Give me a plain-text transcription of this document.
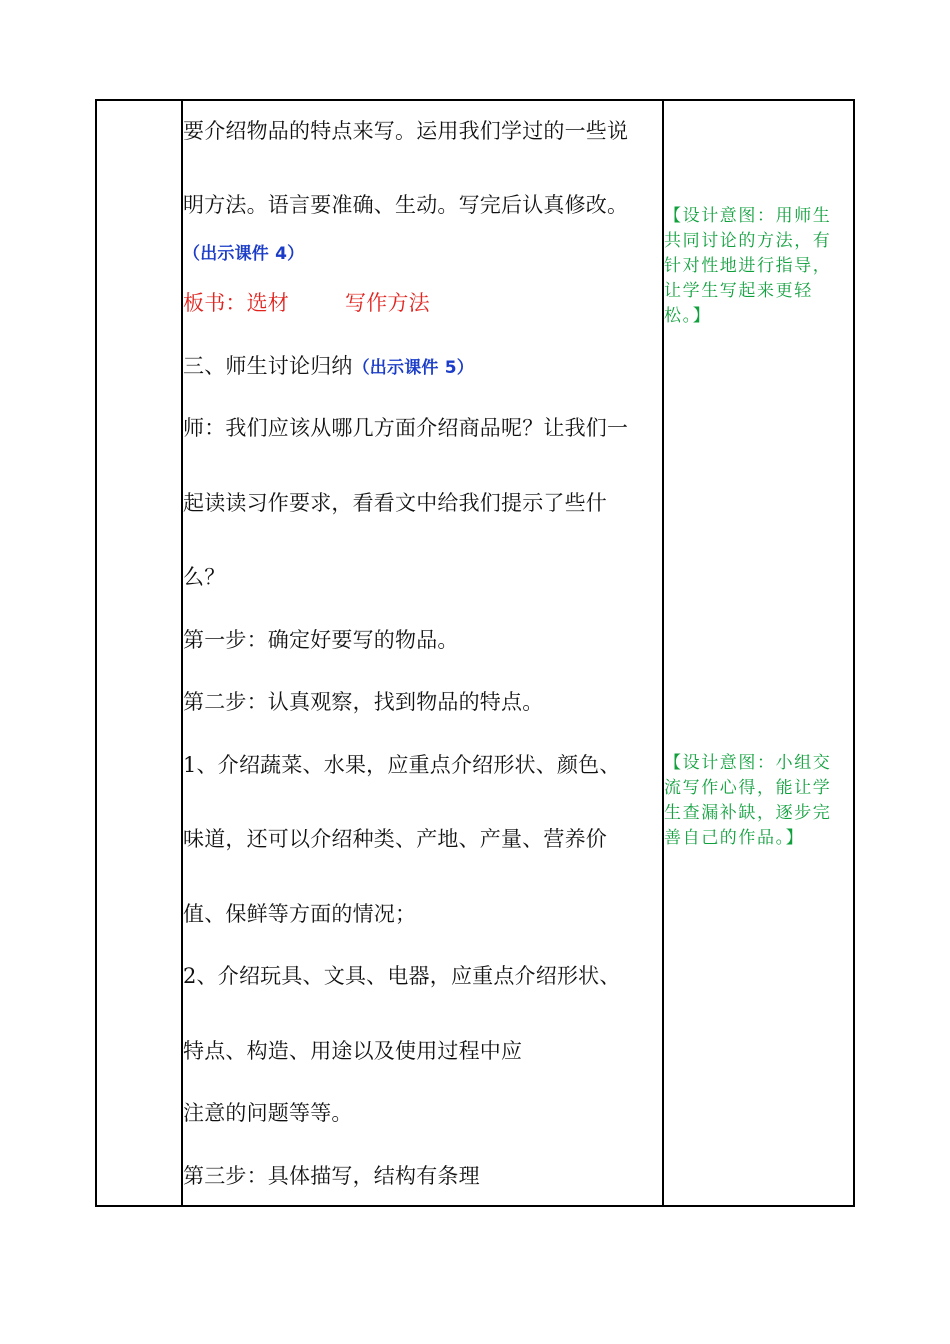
要介绍物品的特点来写。运用我们学过的一些说
明方法。语言要准确、生动。写完后认真修改。
（出示课件 4）
板书：选材	写作方法
三、师生讨论归纳（出示课件 5）
师：我们应该从哪几方面介绍商品呢？让我们一
起读读习作要求，看看文中给我们提示了些什
么？
第一步：确定好要写的物品。
第二步：认真观察，找到物品的特点。
1、介绍蔬菜、水果，应重点介绍形状、颜色、
味道，还可以介绍种类、产地、产量、营养价
值、保鲜等方面的情况；
2、介绍玩具、文具、电器，应重点介绍形状、
特点、构造、用途以及使用过程中应
注意的问题等等。
第三步：具体描写，结构有条理
【设计意图：用师生
共同讨论的方法，有
针对性地进行指导，
让学生写起来更轻
松。】
【设计意图：小组交
流写作心得，能让学
生查漏补缺，逐步完
善自己的作品。】
